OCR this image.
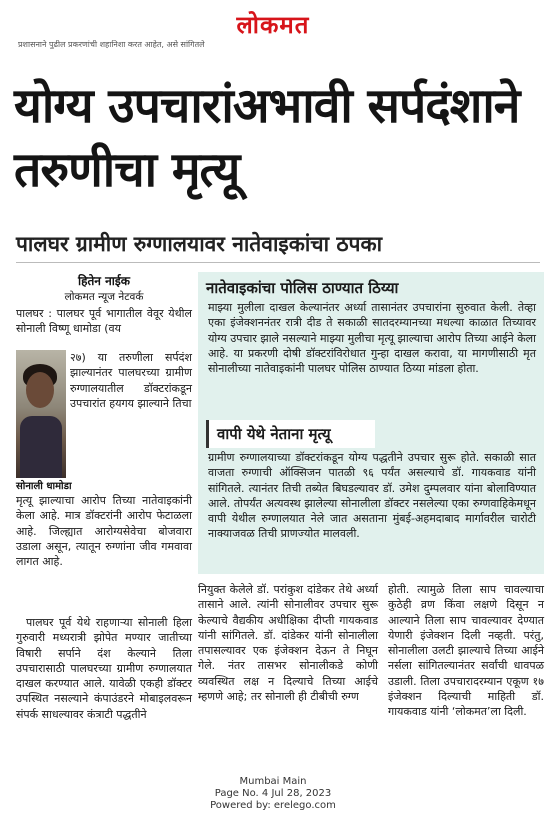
लोकमत
प्रशासनाने पुढील प्रकरणांची शहानिशा करत आहेत, असे सांगितले
योग्य उपचारांअभावी सर्पदंशाने तरुणीचा मृत्यू
पालघर ग्रामीण रुग्णालयावर नातेवाइकांचा ठपका
हितेन नाईक
लोकमत न्यूज नेटवर्क
पालघर : पालघर पूर्व भागातील वेवूर येथील सोनाली विष्णू धामोडा (वय
सोनाली धामोडा
२७) या तरुणीला सर्पदंश झाल्यानंतर पालघरच्या ग्रामीण रुग्णालयातील डॉक्टरांकडून उपचारांत हयगय झाल्याने तिचा
मृत्यू झाल्याचा आरोप तिच्या नातेवाइकांनी केला आहे. मात्र डॉक्टरांनी आरोप फेटाळला आहे. जिल्ह्यात आरोग्यसेवेचा बोजवारा उडाला असून, त्यातून रुग्णांना जीव गमवावा लागत आहे.
पालघर पूर्व येथे राहणाऱ्या सोनाली हिला गुरुवारी मध्यरात्री झोपेत मण्यार जातीच्या विषारी सर्पाने दंश केल्याने तिला उपचारासाठी पालघरच्या ग्रामीण रुग्णालयात दाखल करण्यात आले. यावेळी एकही डॉक्टर उपस्थित नसल्याने कंपाउंडरने मोबाइलवरून संपर्क साधल्यावर कंत्राटी पद्धतीने
नातेवाइकांचा पोलिस ठाण्यात ठिय्या
माझ्या मुलीला दाखल केल्यानंतर अर्ध्या तासानंतर उपचारांना सुरुवात केली. तेव्हा एका इंजेक्शननंतर रात्री दीड ते सकाळी सातदरम्यानच्या मधल्या काळात तिच्यावर योग्य उपचार झाले नसल्याने माझ्या मुलीचा मृत्यू झाल्याचा आरोप तिच्या आईने केला आहे. या प्रकरणी दोषी डॉक्टरांविरोधात गुन्हा दाखल करावा, या मागणीसाठी मृत सोनालीच्या नातेवाइकांनी पालघर पोलिस ठाण्यात ठिय्या मांडला होता.
वापी येथे नेताना मृत्यू
ग्रामीण रुग्णालयाच्या डॉक्टरांकडून योग्य पद्धतीने उपचार सुरू होते. सकाळी सात वाजता रुग्णाची ऑक्सिजन पातळी ९६ पर्यंत असल्याचे डॉ. गायकवाड यांनी सांगितले. त्यानंतर तिची तब्येत बिघडल्यावर डॉ. उमेश दुम्पलवार यांना बोलाविण्यात आले. तोपर्यंत अत्यवस्थ झालेल्या सोनालीला डॉक्टर नसलेल्या एका रुग्णवाहिकेमधून वापी येथील रुग्णालयात नेले जात असताना मुंबई-अहमदाबाद मार्गावरील चारोटी नाक्याजवळ तिची प्राणज्योत मालवली.
नियुक्त केलेले डॉ. परांकुश दांडेकर तेथे अर्ध्या तासाने आले. त्यांनी सोनालीवर उपचार सुरू केल्याचे वैद्यकीय अधीक्षिका दीप्ती गायकवाड यांनी सांगितले. डॉ. दांडेकर यांनी सोनालीला तपासल्यावर एक इंजेक्शन देऊन ते निघून गेले. नंतर तासभर सोनालीकडे कोणी व्यवस्थित लक्ष न दिल्याचे तिच्या आईचे म्हणणे आहे; तर सोनाली ही टीबीची रुग्ण
होती. त्यामुळे तिला साप चावल्याचा कुठेही व्रण किंवा लक्षणे दिसून न आल्याने तिला साप चावल्यावर देण्यात येणारी इंजेक्शन दिली नव्हती. परंतु, सोनालीला उलटी झाल्याचे तिच्या आईने नर्सला सांगितल्यानंतर सर्वांची धावपळ उडाली. तिला उपचारादरम्यान एकूण १७ इंजेक्शन दिल्याची माहिती डॉ. गायकवाड यांनी ‘लोकमत’ला दिली.
Mumbai Main
Page No. 4 Jul 28, 2023
Powered by: erelego.com
